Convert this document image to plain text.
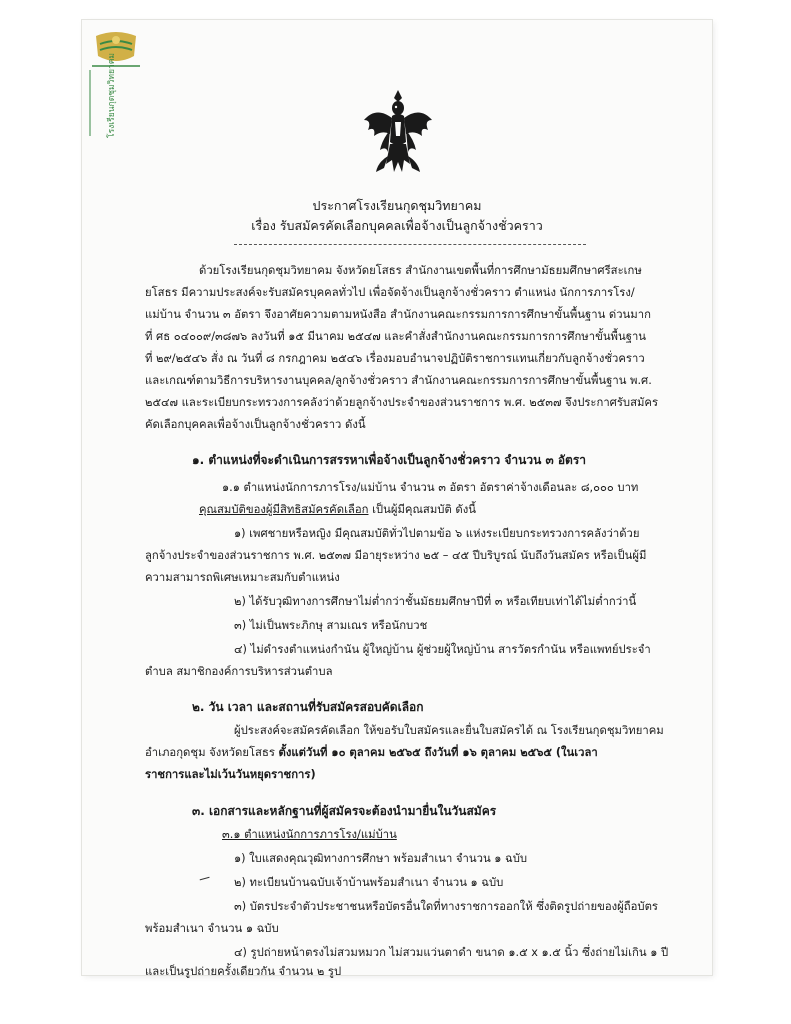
โรงเรียนกุดชุมวิทยาคม
ประกาศโรงเรียนกุดชุมวิทยาคม
เรื่อง รับสมัครคัดเลือกบุคคลเพื่อจ้างเป็นลูกจ้างชั่วคราว
ด้วยโรงเรียนกุดชุมวิทยาคม จังหวัดยโสธร สำนักงานเขตพื้นที่การศึกษามัธยมศึกษาศรีสะเกษ
ยโสธร มีความประสงค์จะรับสมัครบุคคลทั่วไป เพื่อจัดจ้างเป็นลูกจ้างชั่วคราว ตำแหน่ง นักการภารโรง/
แม่บ้าน จำนวน ๓ อัตรา จึงอาศัยความตามหนังสือ สำนักงานคณะกรรมการการศึกษาขั้นพื้นฐาน ด่วนมาก
ที่ ศธ ๐๔๐๐๙/๓๘๗๖ ลงวันที่ ๑๕ มีนาคม ๒๕๔๗ และคำสั่งสำนักงานคณะกรรมการการศึกษาขั้นพื้นฐาน
ที่ ๒๙/๒๕๔๖ สั่ง ณ วันที่ ๘ กรกฎาคม ๒๕๔๖ เรื่องมอบอำนาจปฏิบัติราชการแทนเกี่ยวกับลูกจ้างชั่วคราว
และเกณฑ์ตามวิธีการบริหารงานบุคคล/ลูกจ้างชั่วคราว สำนักงานคณะกรรมการการศึกษาขั้นพื้นฐาน พ.ศ.
๒๕๔๗ และระเบียบกระทรวงการคลังว่าด้วยลูกจ้างประจำของส่วนราชการ พ.ศ. ๒๕๓๗ จึงประกาศรับสมัคร
คัดเลือกบุคคลเพื่อจ้างเป็นลูกจ้างชั่วคราว ดังนี้
๑. ตำแหน่งที่จะดำเนินการสรรหาเพื่อจ้างเป็นลูกจ้างชั่วคราว จำนวน ๓ อัตรา
๑.๑ ตำแหน่งนักการภารโรง/แม่บ้าน จำนวน ๓ อัตรา อัตราค่าจ้างเดือนละ ๘,๐๐๐ บาท
คุณสมบัติของผู้มีสิทธิสมัครคัดเลือก เป็นผู้มีคุณสมบัติ ดังนี้
๑) เพศชายหรือหญิง มีคุณสมบัติทั่วไปตามข้อ ๖ แห่งระเบียบกระทรวงการคลังว่าด้วย
ลูกจ้างประจำของส่วนราชการ พ.ศ. ๒๕๓๗ มีอายุระหว่าง ๒๕ – ๔๕ ปีบริบูรณ์ นับถึงวันสมัคร หรือเป็นผู้มี
ความสามารถพิเศษเหมาะสมกับตำแหน่ง
๒) ได้รับวุฒิทางการศึกษาไม่ต่ำกว่าชั้นมัธยมศึกษาปีที่ ๓ หรือเทียบเท่าได้ไม่ต่ำกว่านี้
๓) ไม่เป็นพระภิกษุ สามเณร หรือนักบวช
๔) ไม่ดำรงตำแหน่งกำนัน ผู้ใหญ่บ้าน ผู้ช่วยผู้ใหญ่บ้าน สารวัตรกำนัน หรือแพทย์ประจำ
ตำบล สมาชิกองค์การบริหารส่วนตำบล
๒. วัน เวลา และสถานที่รับสมัครสอบคัดเลือก
ผู้ประสงค์จะสมัครคัดเลือก ให้ขอรับใบสมัครและยื่นใบสมัครได้ ณ โรงเรียนกุดชุมวิทยาคม
อำเภอกุดชุม จังหวัดยโสธร ตั้งแต่วันที่ ๑๐ ตุลาคม ๒๕๖๕ ถึงวันที่ ๑๖ ตุลาคม ๒๕๖๕ (ในเวลา
ราชการและไม่เว้นวันหยุดราชการ)
๓. เอกสารและหลักฐานที่ผู้สมัครจะต้องนำมายื่นในวันสมัคร
๓.๑ ตำแหน่งนักการภารโรง/แม่บ้าน
๑) ใบแสดงคุณวุฒิทางการศึกษา พร้อมสำเนา จำนวน ๑ ฉบับ
๒) ทะเบียนบ้านฉบับเจ้าบ้านพร้อมสำเนา จำนวน ๑ ฉบับ
๓) บัตรประจำตัวประชาชนหรือบัตรอื่นใดที่ทางราชการออกให้ ซึ่งติดรูปถ่ายของผู้ถือบัตร
พร้อมสำเนา จำนวน ๑ ฉบับ
๔) รูปถ่ายหน้าตรงไม่สวมหมวก ไม่สวมแว่นตาดำ ขนาด ๑.๕ x ๑.๕ นิ้ว ซึ่งถ่ายไม่เกิน ๑ ปี
และเป็นรูปถ่ายครั้งเดียวกัน จำนวน ๒ รูป
